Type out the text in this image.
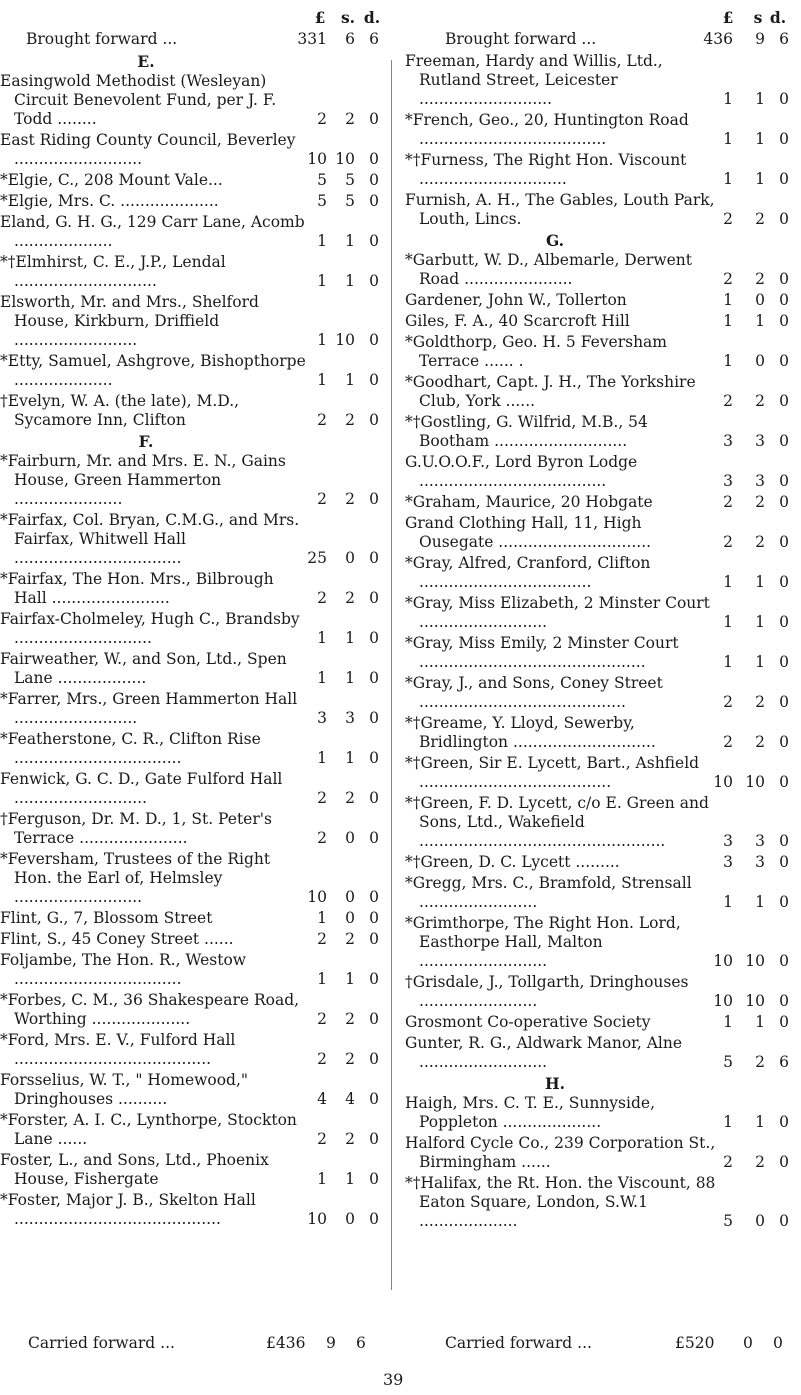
£	s. d.
Brought forward ...	331 6 6
E.
Easingwold Methodist (Wesleyan) Circuit Benevolent Fund, per J. F. Todd ........	2 2 0
East Riding County Council, Beverley ..........................	10 10 0
*Elgie, C., 208 Mount Vale...	5 5 0
*Elgie, Mrs. C. ....................	5 5 0
Eland, G. H. G., 129 Carr Lane, Acomb ....................	1 1 0
*†Elmhirst, C. E., J.P., Lendal .............................	1 1 0
Elsworth, Mr. and Mrs., Shelford House, Kirkburn, Driffield .........................	1 10 0
*Etty, Samuel, Ashgrove, Bishopthorpe ....................	1 1 0
†Evelyn, W. A. (the late), M.D., Sycamore Inn, Clifton	2 2 0
F.
*Fairburn, Mr. and Mrs. E. N., Gains House, Green Hammerton ......................	2 2 0
*Fairfax, Col. Bryan, C.M.G., and Mrs. Fairfax, Whitwell Hall ..................................	25 0 0
*Fairfax, The Hon. Mrs., Bilbrough Hall ........................	2 2 0
Fairfax-Cholmeley, Hugh C., Brandsby ............................	1 1 0
Fairweather, W., and Son, Ltd., Spen Lane ..................	1 1 0
*Farrer, Mrs., Green Hammerton Hall .........................	3 3 0
*Featherstone, C. R., Clifton Rise ..................................	1 1 0
Fenwick, G. C. D., Gate Fulford Hall ...........................	2 2 0
†Ferguson, Dr. M. D., 1, St. Peter's Terrace ......................	2 0 0
*Feversham, Trustees of the Right Hon. the Earl of, Helmsley ..........................	10 0 0
Flint, G., 7, Blossom Street	1 0 0
Flint, S., 45 Coney Street ......	2 2 0
Foljambe, The Hon. R., Westow ..................................	1 1 0
*Forbes, C. M., 36 Shakespeare Road, Worthing ....................	2 2 0
*Ford, Mrs. E. V., Fulford Hall ........................................	2 2 0
Forsselius, W. T., " Homewood," Dringhouses ..........	4 4 0
*Forster, A. I. C., Lynthorpe, Stockton Lane ......	2 2 0
Foster, L., and Sons, Ltd., Phoenix House, Fishergate	1 1 0
*Foster, Major J. B., Skelton Hall ..........................................	10 0 0
£	s d.
Brought forward ...	436 9 6
Freeman, Hardy and Willis, Ltd., Rutland Street, Leicester ...........................	1 1 0
*French, Geo., 20, Huntington Road ......................................	1 1 0
*†Furness, The Right Hon. Viscount ..............................	1 1 0
Furnish, A. H., The Gables, Louth Park, Louth, Lincs.	2 2 0
G.
*Garbutt, W. D., Albemarle, Derwent Road ......................	2 2 0
Gardener, John W., Tollerton	1 0 0
Giles, F. A., 40 Scarcroft Hill	1 1 0
*Goldthorp, Geo. H. 5 Feversham Terrace ...... .	1 0 0
*Goodhart, Capt. J. H., The Yorkshire Club, York ......	2 2 0
*†Gostling, G. Wilfrid, M.B., 54 Bootham ...........................	3 3 0
G.U.O.O.F., Lord Byron Lodge ......................................	3 3 0
*Graham, Maurice, 20 Hobgate	2 2 0
Grand Clothing Hall, 11, High Ousegate ...............................	2 2 0
*Gray, Alfred, Cranford, Clifton ...................................	1 1 0
*Gray, Miss Elizabeth, 2 Minster Court ..........................	1 1 0
*Gray, Miss Emily, 2 Minster Court ..............................................	1 1 0
*Gray, J., and Sons, Coney Street ..........................................	2 2 0
*†Greame, Y. Lloyd, Sewerby, Bridlington .............................	2 2 0
*†Green, Sir E. Lycett, Bart., Ashfield .......................................	10 10 0
*†Green, F. D. Lycett, c/o E. Green and Sons, Ltd., Wakefield ..................................................	3 3 0
*†Green, D. C. Lycett .........	3 3 0
*Gregg, Mrs. C., Bramfold, Strensall ........................	1 1 0
*Grimthorpe, The Right Hon. Lord, Easthorpe Hall, Malton ..........................	10 10 0
†Grisdale, J., Tollgarth, Dringhouses ........................	10 10 0
Grosmont Co-operative Society	1 1 0
Gunter, R. G., Aldwark Manor, Alne ..........................	5 2 6
H.
Haigh, Mrs. C. T. E., Sunnyside, Poppleton ....................	1 1 0
Halford Cycle Co., 239 Corporation St., Birmingham ......	2 2 0
*†Halifax, the Rt. Hon. the Viscount, 88 Eaton Square, London, S.W.1 ....................	5 0 0
Carried forward ...	£436 9 6	Carried forward ...	£520 0 0
39
